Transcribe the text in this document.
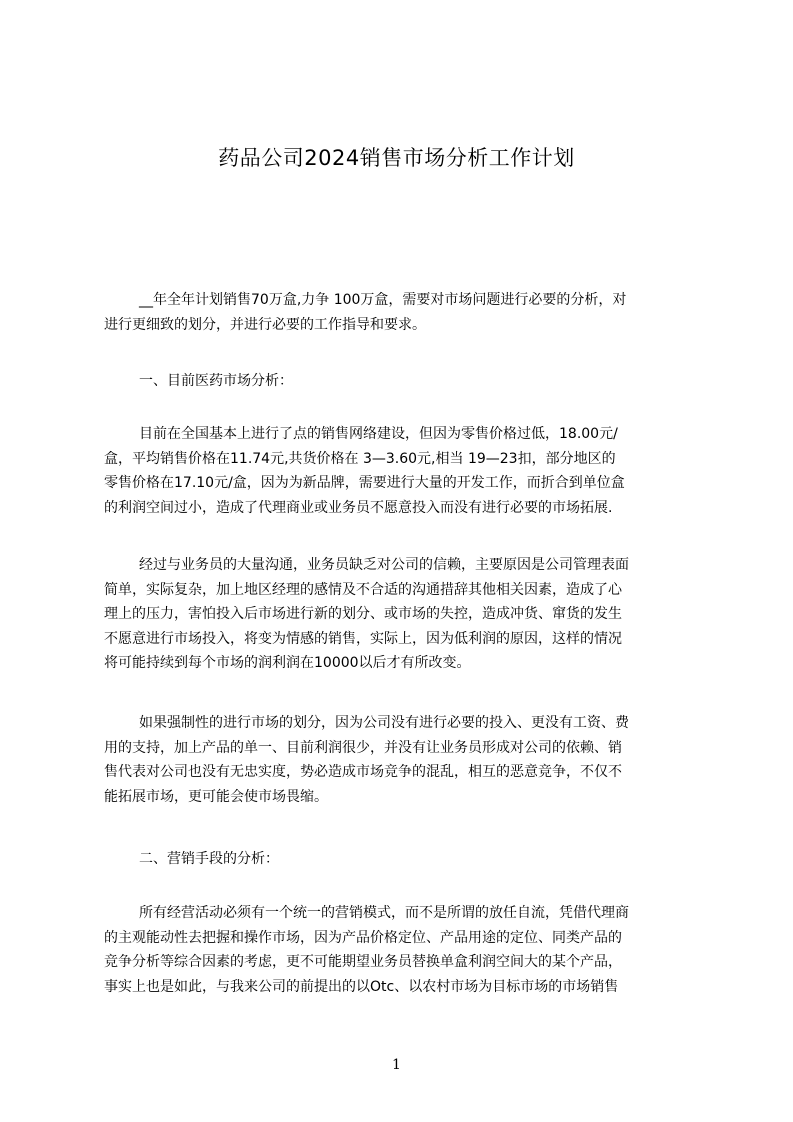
药品公司2024销售市场分析工作计划
__年全年计划销售70万盒,力争 100万盒，需要对市场问题进行必要的分析，对
进行更细致的划分，并进行必要的工作指导和要求。
一、目前医药市场分析：
目前在全国基本上进行了点的销售网络建设，但因为零售价格过低，18.00元/
盒，平均销售价格在11.74元,共货价格在 3—3.60元,相当 19—23扣，部分地区的
零售价格在17.10元/盒，因为为新品牌，需要进行大量的开发工作，而折合到单位盒
的利润空间过小，造成了代理商业或业务员不愿意投入而没有进行必要的市场拓展.
经过与业务员的大量沟通，业务员缺乏对公司的信赖，主要原因是公司管理表面
简单，实际复杂，加上地区经理的感情及不合适的沟通措辞其他相关因素，造成了心
理上的压力，害怕投入后市场进行新的划分、或市场的失控，造成冲货、窜货的发生
不愿意进行市场投入，将变为情感的销售，实际上，因为低利润的原因，这样的情况
将可能持续到每个市场的润利润在10000以后才有所改变。
如果强制性的进行市场的划分，因为公司没有进行必要的投入、更没有工资、费
用的支持，加上产品的单一、目前利润很少，并没有让业务员形成对公司的依赖、销
售代表对公司也没有无忠实度，势必造成市场竞争的混乱，相互的恶意竞争，不仅不
能拓展市场，更可能会使市场畏缩。
二、营销手段的分析：
所有经营活动必须有一个统一的营销模式，而不是所谓的放任自流，凭借代理商
的主观能动性去把握和操作市场，因为产品价格定位、产品用途的定位、同类产品的
竞争分析等综合因素的考虑，更不可能期望业务员替换单盒利润空间大的某个产品，
事实上也是如此，与我来公司的前提出的以Otc、以农村市场为目标市场的市场销售
1
